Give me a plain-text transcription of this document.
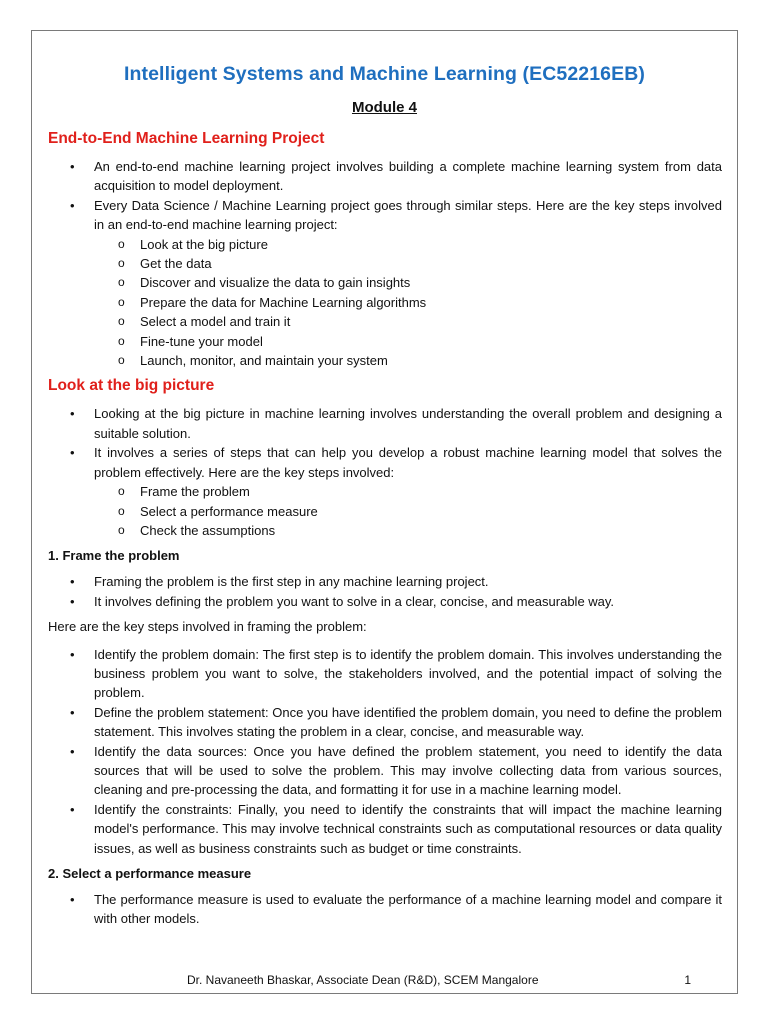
Intelligent Systems and Machine Learning (EC52216EB)
Module 4
End-to-End Machine Learning Project
• An end-to-end machine learning project involves building a complete machine learning system from data acquisition to model deployment.
• Every Data Science / Machine Learning project goes through similar steps. Here are the key steps involved in an end-to-end machine learning project:
o Look at the big picture
o Get the data
o Discover and visualize the data to gain insights
o Prepare the data for Machine Learning algorithms
o Select a model and train it
o Fine-tune your model
o Launch, monitor, and maintain your system
Look at the big picture
• Looking at the big picture in machine learning involves understanding the overall problem and designing a suitable solution.
• It involves a series of steps that can help you develop a robust machine learning model that solves the problem effectively. Here are the key steps involved:
o Frame the problem
o Select a performance measure
o Check the assumptions
1. Frame the problem
• Framing the problem is the first step in any machine learning project.
• It involves defining the problem you want to solve in a clear, concise, and measurable way.

Here are the key steps involved in framing the problem:

• Identify the problem domain: The first step is to identify the problem domain. This involves understanding the business problem you want to solve, the stakeholders involved, and the potential impact of solving the problem.
• Define the problem statement: Once you have identified the problem domain, you need to define the problem statement. This involves stating the problem in a clear, concise, and measurable way.
• Identify the data sources: Once you have defined the problem statement, you need to identify the data sources that will be used to solve the problem. This may involve collecting data from various sources, cleaning and pre-processing the data, and formatting it for use in a machine learning model.
• Identify the constraints: Finally, you need to identify the constraints that will impact the machine learning model's performance. This may involve technical constraints such as computational resources or data quality issues, as well as business constraints such as budget or time constraints.
2. Select a performance measure
• The performance measure is used to evaluate the performance of a machine learning model and compare it with other models.
Dr. Navaneeth Bhaskar, Associate Dean (R&D), SCEM Mangalore	1
